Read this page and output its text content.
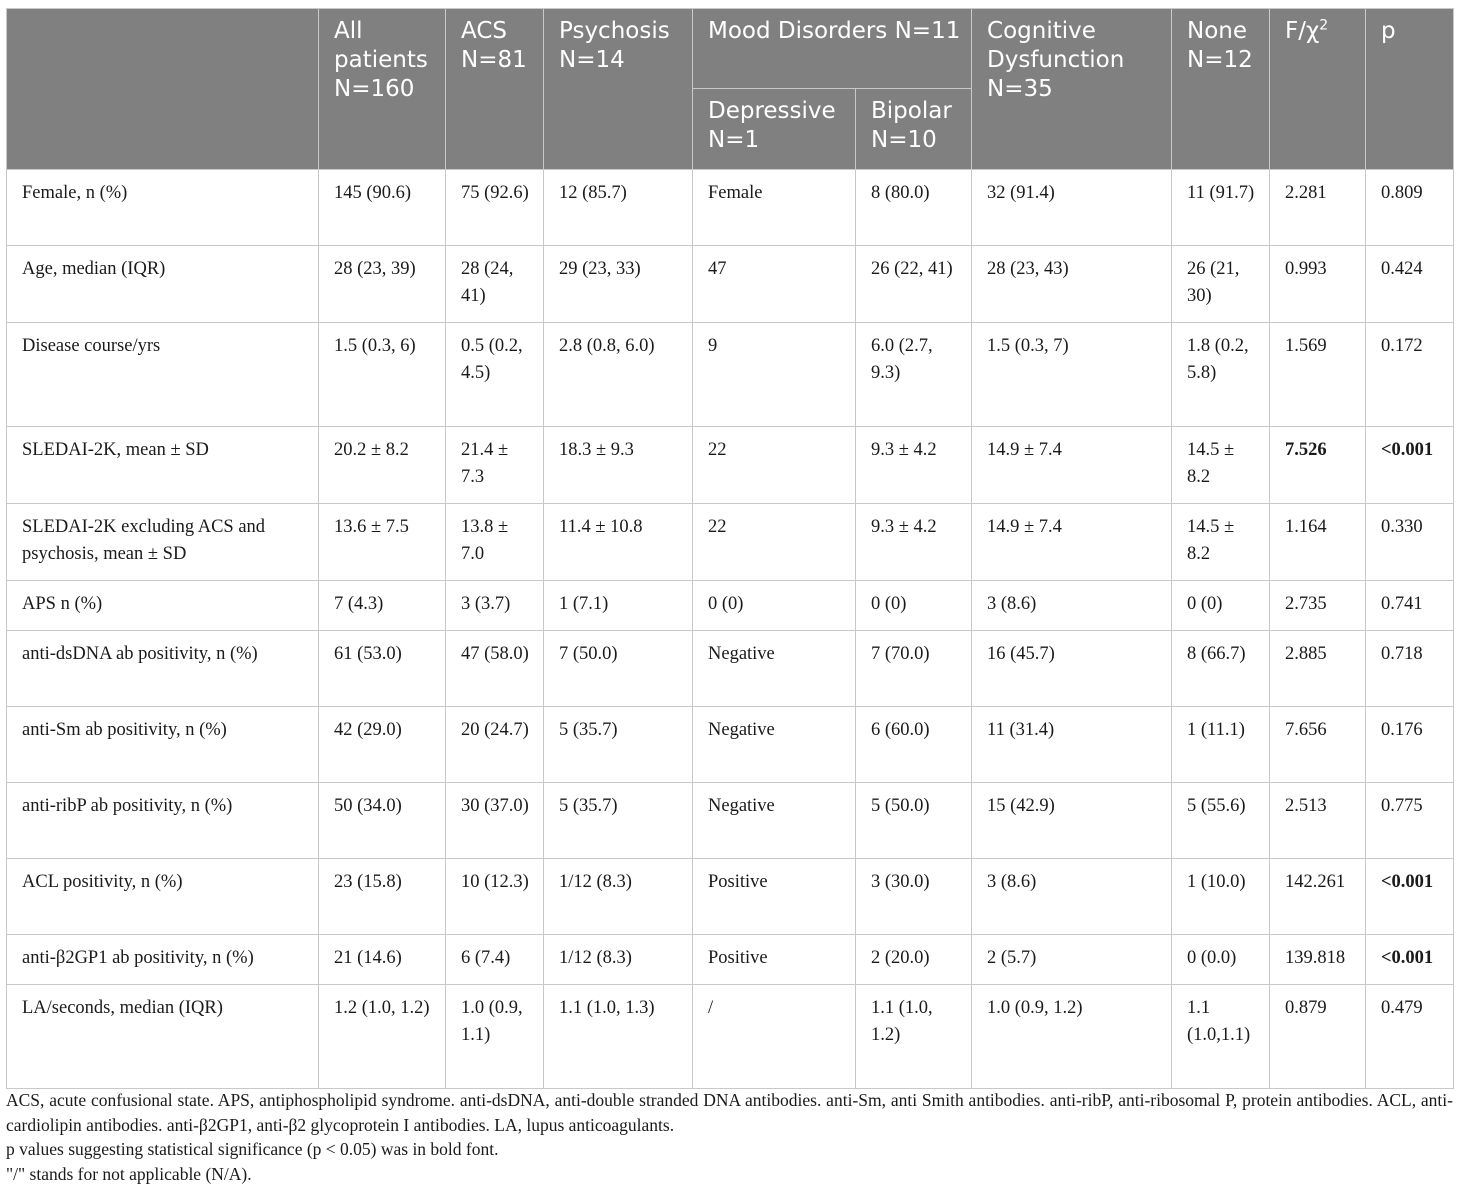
	All patients N=160	ACS N=81	Psychosis N=14	Mood Disorders N=11		Cognitive Dysfunction N=35	None N=12	$F/\chi^2$	p
				Depressive N=1	Bipolar N=10				
Female, n (%)	145 (90.6)	75 (92.6)	12 (85.7)	Female	8 (80.0)	32 (91.4)	11 (91.7)	2.281	0.809
Age, median (IQR)	28 (23, 39)	28 (24, 41)	29 (23, 33)	47	26 (22, 41)	28 (23, 43)	26 (21, 30)	0.993	0.424
Disease course/yrs	1.5 (0.3, 6)	0.5 (0.2, 4.5)	2.8 (0.8, 6.0)	9	6.0 (2.7, 9.3)	1.5 (0.3, 7)	1.8 (0.2, 5.8)	1.569	0.172
SLEDAI-2K, mean ± SD	20.2 ± 8.2	21.4 ± 7.3	18.3 ± 9.3	22	9.3 ± 4.2	14.9 ± 7.4	14.5 ± 8.2	7.526	<0.001
SLEDAI-2K excluding ACS and psychosis, mean ± SD	13.6 ± 7.5	13.8 ± 7.0	11.4 ± 10.8	22	9.3 ± 4.2	14.9 ± 7.4	14.5 ± 8.2	1.164	0.330
APS n (%)	7 (4.3)	3 (3.7)	1 (7.1)	0 (0)	0 (0)	3 (8.6)	0 (0)	2.735	0.741
anti-dsDNA ab positivity, n (%)	61 (53.0)	47 (58.0)	7 (50.0)	Negative	7 (70.0)	16 (45.7)	8 (66.7)	2.885	0.718
anti-Sm ab positivity, n (%)	42 (29.0)	20 (24.7)	5 (35.7)	Negative	6 (60.0)	11 (31.4)	1 (11.1)	7.656	0.176
anti-ribP ab positivity, n (%)	50 (34.0)	30 (37.0)	5 (35.7)	Negative	5 (50.0)	15 (42.9)	5 (55.6)	2.513	0.775
ACL positivity, n (%)	23 (15.8)	10 (12.3)	1/12 (8.3)	Positive	3 (30.0)	3 (8.6)	1 (10.0)	142.261	<0.001
anti-β2GP1 ab positivity, n (%)	21 (14.6)	6 (7.4)	1/12 (8.3)	Positive	2 (20.0)	2 (5.7)	0 (0.0)	139.818	<0.001
LA/seconds, median (IQR)	1.2 (1.0, 1.2)	1.0 (0.9, 1.1)	1.1 (1.0, 1.3)	/	1.1 (1.0, 1.2)	1.0 (0.9, 1.2)	1.1 (1.0,1.1)	0.879	0.479

ACS, acute confusional state. APS, antiphospholipid syndrome. anti-dsDNA, anti-double stranded DNA antibodies. anti-Sm, anti Smith antibodies. anti-ribP, anti-ribosomal P, protein antibodies. ACL, anti-cardiolipin antibodies. anti-β2GP1, anti-β2 glycoprotein I antibodies. LA, lupus anticoagulants.

p values suggesting statistical significance (p < 0.05) was in bold font.

"/" stands for not applicable (N/A).
